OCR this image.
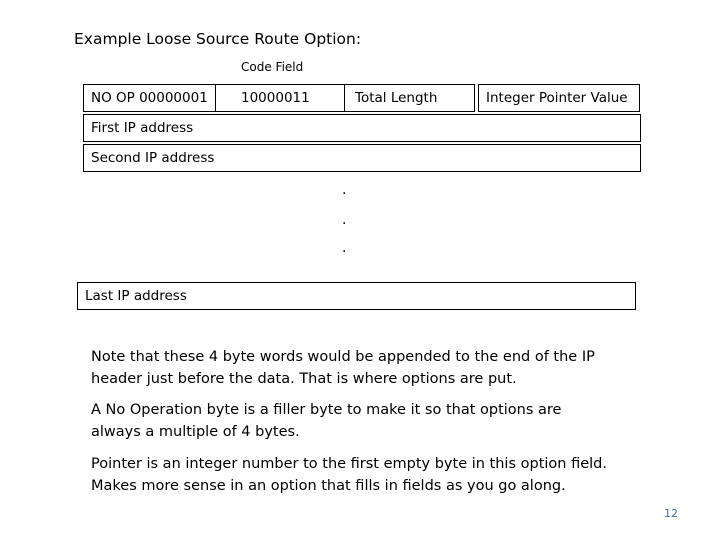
Example Loose Source Route Option:
Code Field
NO OP 00000001 10000011	Total Length	Integer Pointer Value
First IP address
Second IP address
.
.
.
Last IP address
Note that these 4 byte words would be appended to the end of the IP
header just before the data. That is where options are put.
A No Operation byte is a filler byte to make it so that options are
always a multiple of 4 bytes.
Pointer is an integer number to the first empty byte in this option field.
Makes more sense in an option that fills in fields as you go along.
12
